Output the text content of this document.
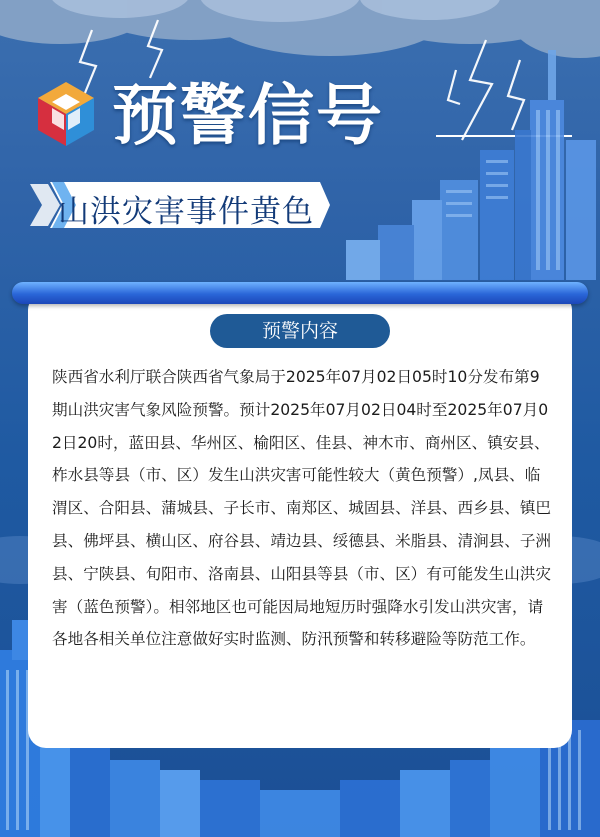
预警信号
山洪灾害事件黄色
预警内容
陕西省水利厅联合陕西省气象局于2025年07月02日05时10分发布第9期山洪灾害气象风险预警。预计2025年07月02日04时至2025年07月02日20时，蓝田县、华州区、榆阳区、佳县、神木市、商州区、镇安县、柞水县等县（市、区）发生山洪灾害可能性较大（黄色预警）,凤县、临渭区、合阳县、蒲城县、子长市、南郑区、城固县、洋县、西乡县、镇巴县、佛坪县、横山区、府谷县、靖边县、绥德县、米脂县、清涧县、子洲县、宁陕县、旬阳市、洛南县、山阳县等县（市、区）有可能发生山洪灾害（蓝色预警）。相邻地区也可能因局地短历时强降水引发山洪灾害，请各地各相关单位注意做好实时监测、防汛预警和转移避险等防范工作。
